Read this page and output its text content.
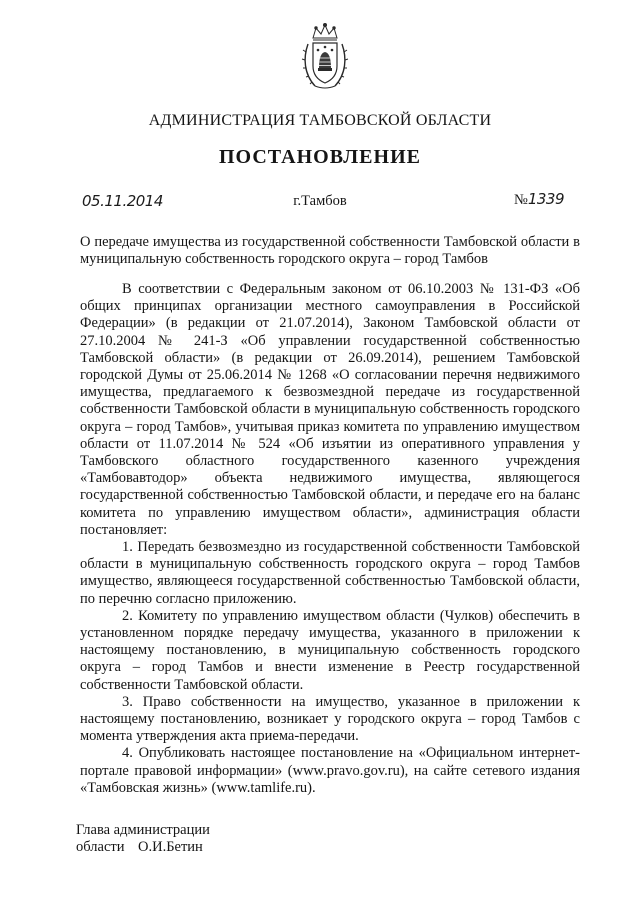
АДМИНИСТРАЦИЯ ТАМБОВСКОЙ ОБЛАСТИ
ПОСТАНОВЛЕНИЕ
05.11.2014	г.Тамбов	№1339
О передаче имущества из государственной собственности Тамбовской области в муниципальную собственность городского округа – город Тамбов

В соответствии с Федеральным законом от 06.10.2003 № 131-ФЗ «Об общих принципах организации местного самоуправления в Российской Федерации» (в редакции от 21.07.2014), Законом Тамбовской области от 27.10.2004 № 241-З «Об управлении государственной собственностью Тамбовской области» (в редакции от 26.09.2014), решением Тамбовской городской Думы от 25.06.2014 № 1268 «О согласовании перечня недвижимого имущества, предлагаемого к безвозмездной передаче из государственной собственности Тамбовской области в муниципальную собственность городского округа – город Тамбов», учитывая приказ комитета по управлению имуществом области от 11.07.2014 № 524 «Об изъятии из оперативного управления у Тамбовского областного государственного казенного учреждения «Тамбовавтодор» объекта недвижимого имущества, являющегося государственной собственностью Тамбовской области, и передаче его на баланс комитета по управлению имуществом области», администрация области постановляет:

1. Передать безвозмездно из государственной собственности Тамбовской области в муниципальную собственность городского округа – город Тамбов имущество, являющееся государственной собственностью Тамбовской области, по перечню согласно приложению.

2. Комитету по управлению имуществом области (Чулков) обеспечить в установленном порядке передачу имущества, указанного в приложении к настоящему постановлению, в муниципальную собственность городского округа – город Тамбов и внести изменение в Реестр государственной собственности Тамбовской области.

3. Право собственности на имущество, указанное в приложении к настоящему постановлению, возникает у городского округа – город Тамбов с момента утверждения акта приема-передачи.

4. Опубликовать настоящее постановление на «Официальном интернет-портале правовой информации» (www.pravo.gov.ru), на сайте сетевого издания «Тамбовская жизнь» (www.tamlife.ru).

Глава администрации
области О.И.Бетин
